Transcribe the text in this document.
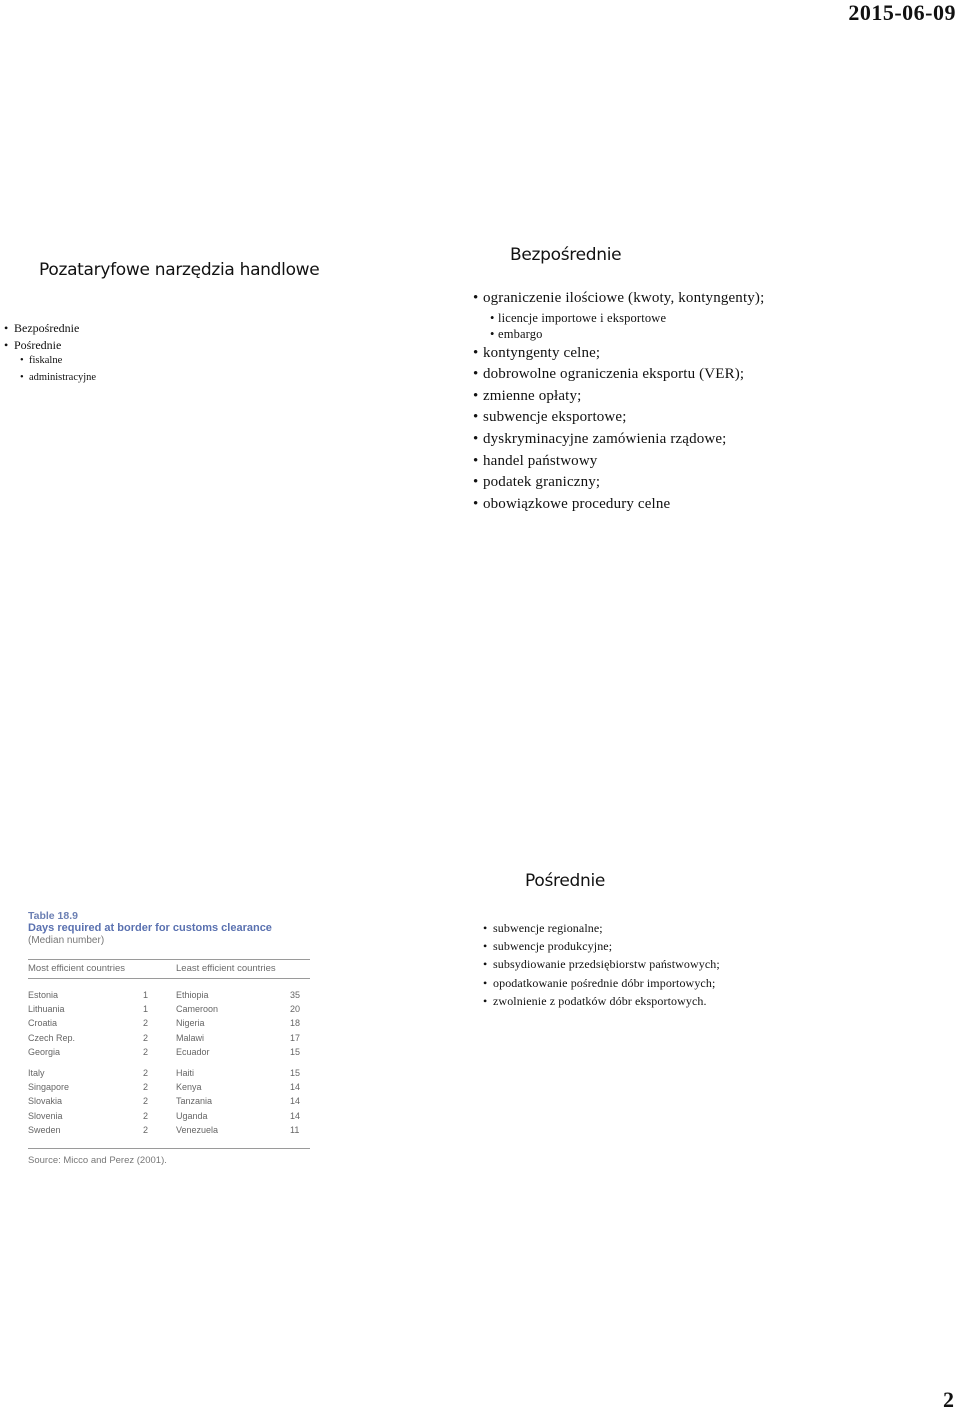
2015-06-09
Pozataryfowe narzędzia handlowe
• Bezpośrednie
• Pośrednie
• fiskalne
• administracyjne
Bezpośrednie
• ograniczenie ilościowe (kwoty, kontyngenty);
• licencje importowe i eksportowe
• embargo
• kontyngenty celne;
• dobrowolne ograniczenia eksportu (VER);
• zmienne opłaty;
• subwencje eksportowe;
• dyskryminacyjne zamówienia rządowe;
• handel państwowy
• podatek graniczny;
• obowiązkowe procedury celne
Pośrednie
Table 18.9
Days required at border for customs clearance
(Median number)
Most efficient countries	Least efficient countries
Estonia	1	Ethiopia	35
Lithuania	1	Cameroon	20
Croatia	2	Nigeria	18
Czech Rep.	2	Malawi	17
Georgia	2	Ecuador	15
Italy	2	Haiti	15
Singapore	2	Kenya	14
Slovakia	2	Tanzania	14
Slovenia	2	Uganda	14
Sweden	2	Venezuela	11
Source: Micco and Perez (2001).
• subwencje regionalne;
• subwencje produkcyjne;
• subsydiowanie przedsiębiorstw państwowych;
• opodatkowanie pośrednie dóbr importowych;
• zwolnienie z podatków dóbr eksportowych.
2
